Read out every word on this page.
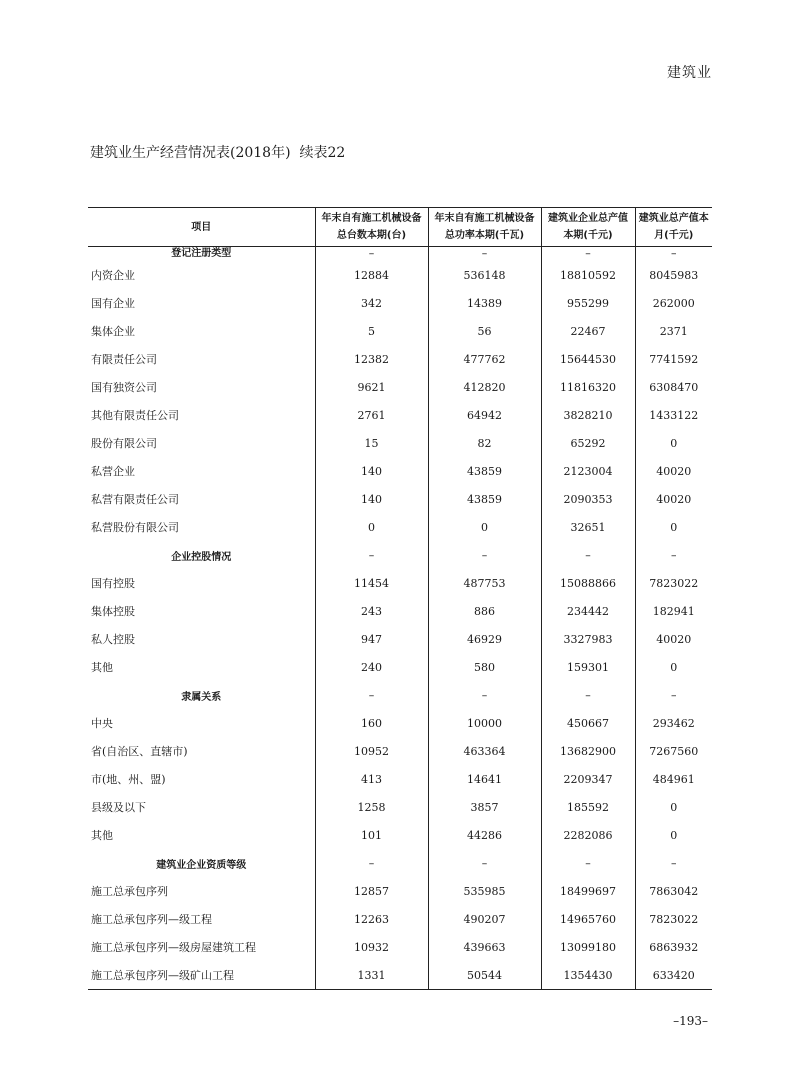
建筑业
建筑业生产经营情况表(2018年)  续表22
项目	年末自有施工机械设备总台数本期(台)	年末自有施工机械设备总功率本期(千瓦)	建筑业企业总产值本期(千元)	建筑业总产值本月(千元)
登记注册类型	–	–	–	–
内资企业	12884	536148	18810592	8045983
国有企业	342	14389	955299	262000
集体企业	5	56	22467	2371
有限责任公司	12382	477762	15644530	7741592
国有独资公司	9621	412820	11816320	6308470
其他有限责任公司	2761	64942	3828210	1433122
股份有限公司	15	82	65292	0
私营企业	140	43859	2123004	40020
私营有限责任公司	140	43859	2090353	40020
私营股份有限公司	0	0	32651	0
企业控股情况	–	–	–	–
国有控股	11454	487753	15088866	7823022
集体控股	243	886	234442	182941
私人控股	947	46929	3327983	40020
其他	240	580	159301	0
隶属关系	–	–	–	–
中央	160	10000	450667	293462
省(自治区、直辖市)	10952	463364	13682900	7267560
市(地、州、盟)	413	14641	2209347	484961
县级及以下	1258	3857	185592	0
其他	101	44286	2282086	0
建筑业企业资质等级	–	–	–	–
施工总承包序列	12857	535985	18499697	7863042
施工总承包序列—级工程	12263	490207	14965760	7823022
施工总承包序列—级房屋建筑工程	10932	439663	13099180	6863932
施工总承包序列—级矿山工程	1331	50544	1354430	633420
–193–
